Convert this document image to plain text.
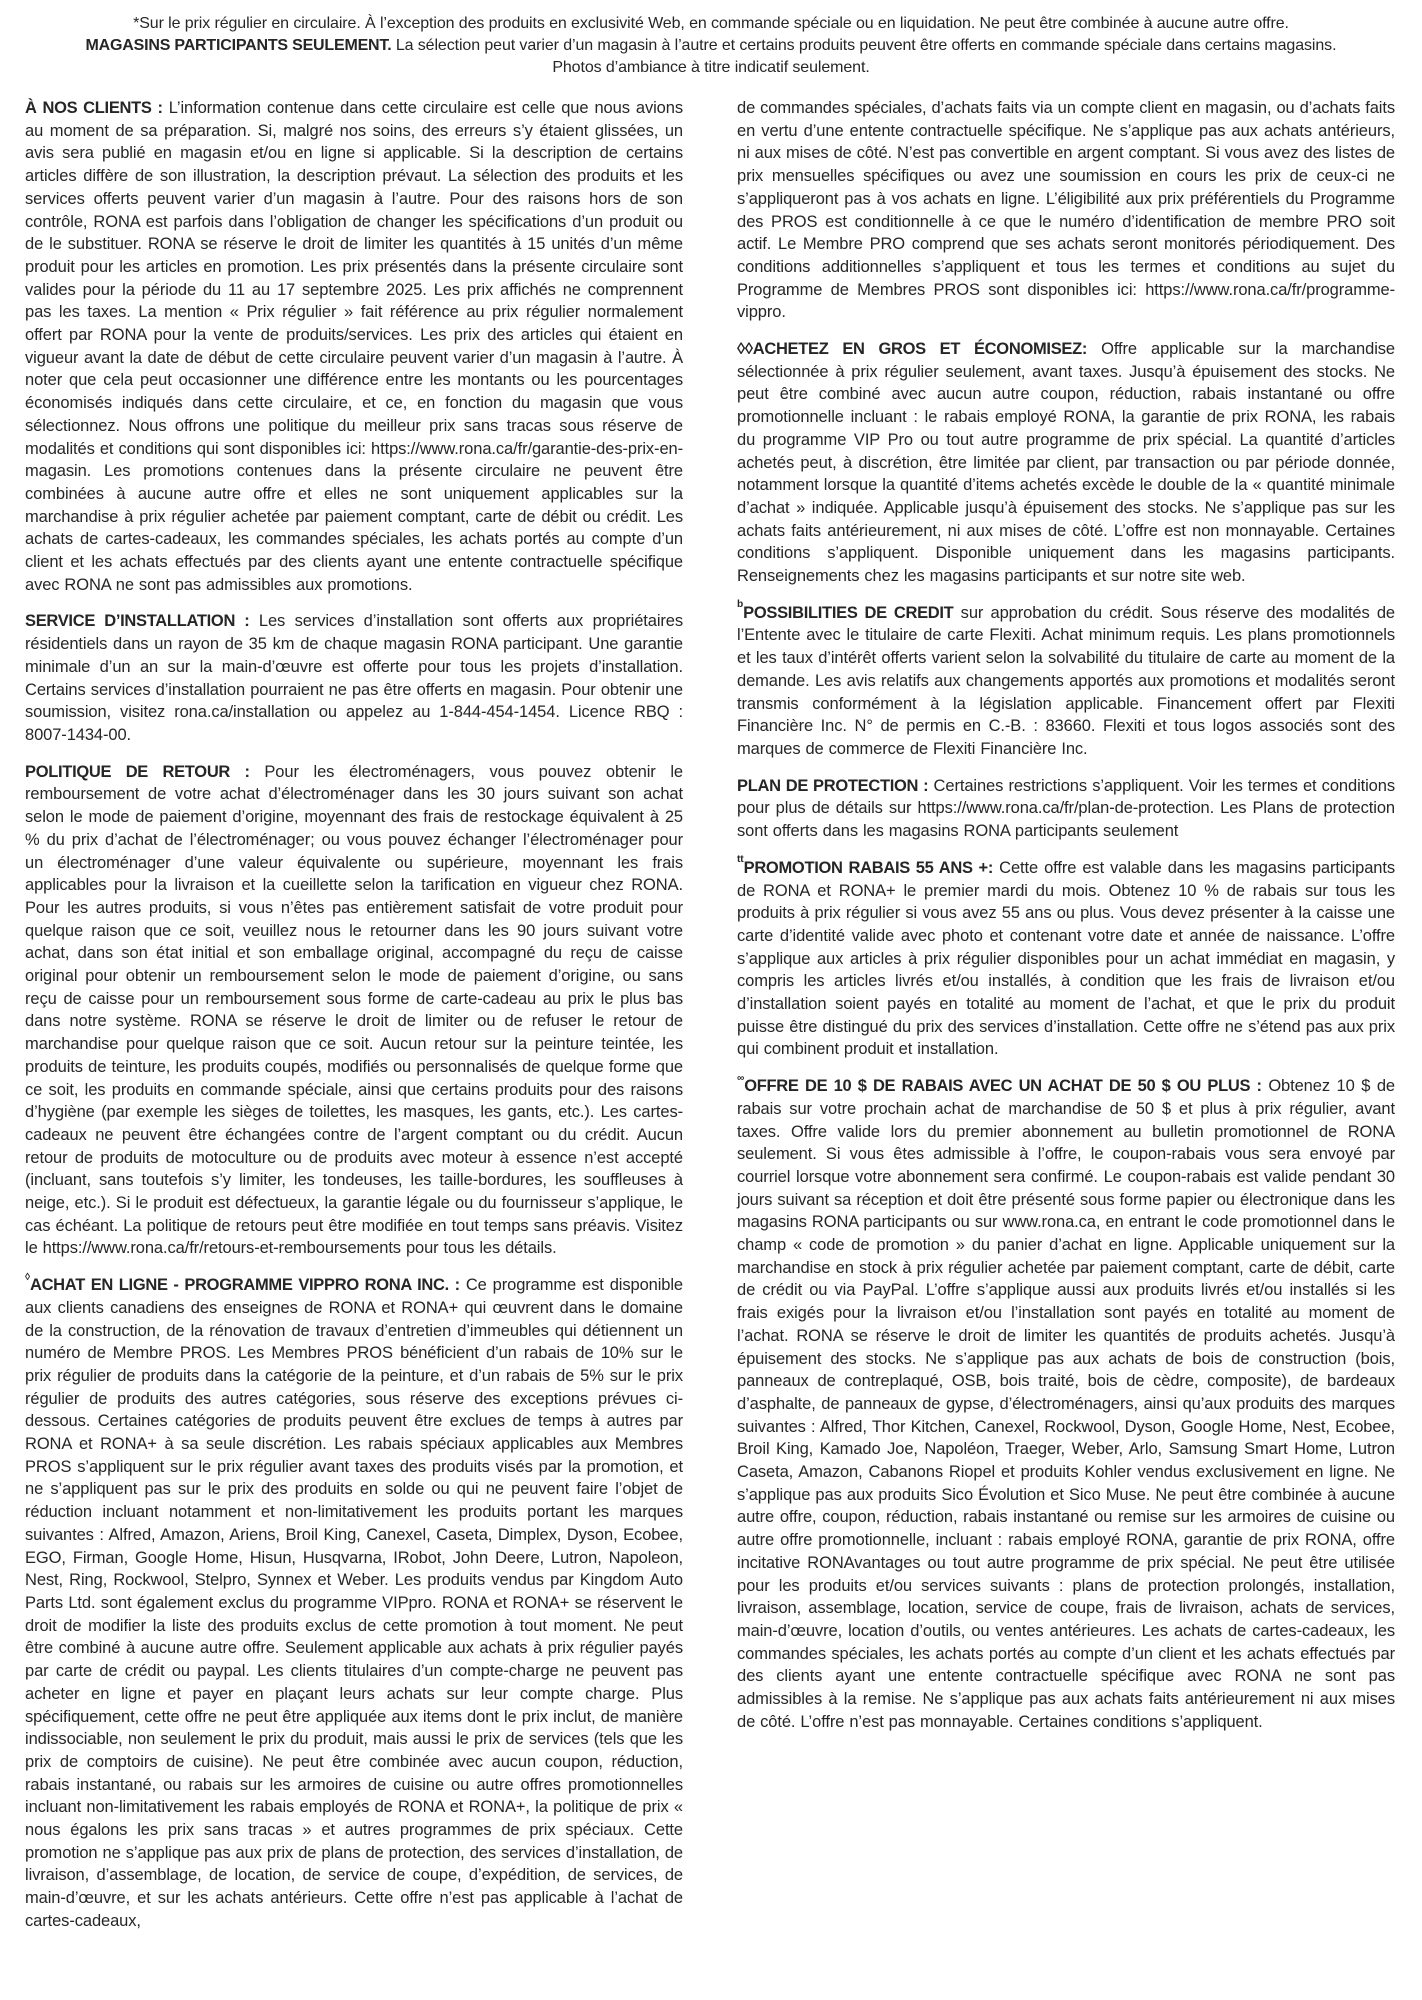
*Sur le prix régulier en circulaire. À l’exception des produits en exclusivité Web, en commande spéciale ou en liquidation. Ne peut être combinée à aucune autre offre.
MAGASINS PARTICIPANTS SEULEMENT. La sélection peut varier d’un magasin à l’autre et certains produits peuvent être offerts en commande spéciale dans certains magasins.
Photos d’ambiance à titre indicatif seulement.

À NOS CLIENTS : L’information contenue dans cette circulaire est celle que nous avions au moment de sa préparation. Si, malgré nos soins, des erreurs s’y étaient glissées, un avis sera publié en magasin et/ou en ligne si applicable. Si la description de certains articles diffère de son illustration, la description prévaut. La sélection des produits et les services offerts peuvent varier d’un magasin à l’autre. Pour des raisons hors de son contrôle, RONA est parfois dans l’obligation de changer les spécifications d’un produit ou de le substituer. RONA se réserve le droit de limiter les quantités à 15 unités d’un même produit pour les articles en promotion. Les prix présentés dans la présente circulaire sont valides pour la période du 11 au 17 septembre 2025. Les prix affichés ne comprennent pas les taxes. La mention « Prix régulier » fait référence au prix régulier normalement offert par RONA pour la vente de produits/services. Les prix des articles qui étaient en vigueur avant la date de début de cette circulaire peuvent varier d’un magasin à l’autre. À noter que cela peut occasionner une différence entre les montants ou les pourcentages économisés indiqués dans cette circulaire, et ce, en fonction du magasin que vous sélectionnez. Nous offrons une politique du meilleur prix sans tracas sous réserve de modalités et conditions qui sont disponibles ici: https://www.rona.ca/fr/garantie-des-prix-en-magasin. Les promotions contenues dans la présente circulaire ne peuvent être combinées à aucune autre offre et elles ne sont uniquement applicables sur la marchandise à prix régulier achetée par paiement comptant, carte de débit ou crédit. Les achats de cartes-cadeaux, les commandes spéciales, les achats portés au compte d’un client et les achats effectués par des clients ayant une entente contractuelle spécifique avec RONA ne sont pas admissibles aux promotions.

SERVICE D’INSTALLATION : Les services d’installation sont offerts aux propriétaires résidentiels dans un rayon de 35 km de chaque magasin RONA participant. Une garantie minimale d’un an sur la main-d’œuvre est offerte pour tous les projets d’installation. Certains services d’installation pourraient ne pas être offerts en magasin. Pour obtenir une soumission, visitez rona.ca/installation ou appelez au 1-844-454-1454. Licence RBQ : 8007-1434-00.

POLITIQUE DE RETOUR : Pour les électroménagers, vous pouvez obtenir le remboursement de votre achat d’électroménager dans les 30 jours suivant son achat selon le mode de paiement d’origine, moyennant des frais de restockage équivalent à 25 % du prix d’achat de l’électroménager; ou vous pouvez échanger l’électroménager pour un électroménager d’une valeur équivalente ou supérieure, moyennant les frais applicables pour la livraison et la cueillette selon la tarification en vigueur chez RONA. Pour les autres produits, si vous n’êtes pas entièrement satisfait de votre produit pour quelque raison que ce soit, veuillez nous le retourner dans les 90 jours suivant votre achat, dans son état initial et son emballage original, accompagné du reçu de caisse original pour obtenir un remboursement selon le mode de paiement d’origine, ou sans reçu de caisse pour un remboursement sous forme de carte-cadeau au prix le plus bas dans notre système. RONA se réserve le droit de limiter ou de refuser le retour de marchandise pour quelque raison que ce soit. Aucun retour sur la peinture teintée, les produits de teinture, les produits coupés, modifiés ou personnalisés de quelque forme que ce soit, les produits en commande spéciale, ainsi que certains produits pour des raisons d’hygiène (par exemple les sièges de toilettes, les masques, les gants, etc.). Les cartes-cadeaux ne peuvent être échangées contre de l’argent comptant ou du crédit. Aucun retour de produits de motoculture ou de produits avec moteur à essence n’est accepté (incluant, sans toutefois s’y limiter, les tondeuses, les taille-bordures, les souffleuses à neige, etc.). Si le produit est défectueux, la garantie légale ou du fournisseur s’applique, le cas échéant. La politique de retours peut être modifiée en tout temps sans préavis. Visitez le https://www.rona.ca/fr/retours-et-remboursements pour tous les détails.

◊ACHAT EN LIGNE - PROGRAMME VIPPRO RONA INC. : Ce programme est disponible aux clients canadiens des enseignes de RONA et RONA+ qui œuvrent dans le domaine de la construction, de la rénovation de travaux d’entretien d’immeubles qui détiennent un numéro de Membre PROS. Les Membres PROS bénéficient d’un rabais de 10% sur le prix régulier de produits dans la catégorie de la peinture, et d’un rabais de 5% sur le prix régulier de produits des autres catégories, sous réserve des exceptions prévues ci-dessous. Certaines catégories de produits peuvent être exclues de temps à autres par RONA et RONA+ à sa seule discrétion. Les rabais spéciaux applicables aux Membres PROS s’appliquent sur le prix régulier avant taxes des produits visés par la promotion, et ne s’appliquent pas sur le prix des produits en solde ou qui ne peuvent faire l’objet de réduction incluant notamment et non-limitativement les produits portant les marques suivantes : Alfred, Amazon, Ariens, Broil King, Canexel, Caseta, Dimplex, Dyson, Ecobee, EGO, Firman, Google Home, Hisun, Husqvarna, IRobot, John Deere, Lutron, Napoleon, Nest, Ring, Rockwool, Stelpro, Synnex et Weber. Les produits vendus par Kingdom Auto Parts Ltd. sont également exclus du programme VIPpro. RONA et RONA+ se réservent le droit de modifier la liste des produits exclus de cette promotion à tout moment. Ne peut être combiné à aucune autre offre. Seulement applicable aux achats à prix régulier payés par carte de crédit ou paypal. Les clients titulaires d’un compte-charge ne peuvent pas acheter en ligne et payer en plaçant leurs achats sur leur compte charge. Plus spécifiquement, cette offre ne peut être appliquée aux items dont le prix inclut, de manière indissociable, non seulement le prix du produit, mais aussi le prix de services (tels que les prix de comptoirs de cuisine). Ne peut être combinée avec aucun coupon, réduction, rabais instantané, ou rabais sur les armoires de cuisine ou autre offres promotionnelles incluant non-limitativement les rabais employés de RONA et RONA+, la politique de prix « nous égalons les prix sans tracas » et autres programmes de prix spéciaux. Cette promotion ne s’applique pas aux prix de plans de protection, des services d’installation, de livraison, d’assemblage, de location, de service de coupe, d’expédition, de services, de main-d’œuvre, et sur les achats antérieurs. Cette offre n’est pas applicable à l’achat de cartes-cadeaux,

de commandes spéciales, d’achats faits via un compte client en magasin, ou d’achats faits en vertu d’une entente contractuelle spécifique. Ne s’applique pas aux achats antérieurs, ni aux mises de côté. N’est pas convertible en argent comptant. Si vous avez des listes de prix mensuelles spécifiques ou avez une soumission en cours les prix de ceux-ci ne s’appliqueront pas à vos achats en ligne. L’éligibilité aux prix préférentiels du Programme des PROS est conditionnelle à ce que le numéro d’identification de membre PRO soit actif. Le Membre PRO comprend que ses achats seront monitorés périodiquement. Des conditions additionnelles s’appliquent et tous les termes et conditions au sujet du Programme de Membres PROS sont disponibles ici: https://www.rona.ca/fr/programme-vippro.

◊◊ACHETEZ EN GROS ET ÉCONOMISEZ: Offre applicable sur la marchandise sélectionnée à prix régulier seulement, avant taxes. Jusqu’à épuisement des stocks. Ne peut être combiné avec aucun autre coupon, réduction, rabais instantané ou offre promotionnelle incluant : le rabais employé RONA, la garantie de prix RONA, les rabais du programme VIP Pro ou tout autre programme de prix spécial. La quantité d’articles achetés peut, à discrétion, être limitée par client, par transaction ou par période donnée, notamment lorsque la quantité d’items achetés excède le double de la « quantité minimale d’achat » indiquée. Applicable jusqu’à épuisement des stocks. Ne s’applique pas sur les achats faits antérieurement, ni aux mises de côté. L’offre est non monnayable. Certaines conditions s’appliquent. Disponible uniquement dans les magasins participants. Renseignements chez les magasins participants et sur notre site web.

$^b$POSSIBILITIES DE CREDIT sur approbation du crédit. Sous réserve des modalités de l’Entente avec le titulaire de carte Flexiti. Achat minimum requis. Les plans promotionnels et les taux d’intérêt offerts varient selon la solvabilité du titulaire de carte au moment de la demande. Les avis relatifs aux changements apportés aux promotions et modalités seront transmis conformément à la législation applicable. Financement offert par Flexiti Financière Inc. N° de permis en C.-B. : 83660. Flexiti et tous logos associés sont des marques de commerce de Flexiti Financière Inc.

PLAN DE PROTECTION : Certaines restrictions s’appliquent. Voir les termes et conditions pour plus de détails sur https://www.rona.ca/fr/plan-de-protection. Les Plans de protection sont offerts dans les magasins RONA participants seulement

$^{tt}$PROMOTION RABAIS 55 ANS +: Cette offre est valable dans les magasins participants de RONA et RONA+ le premier mardi du mois. Obtenez 10 % de rabais sur tous les produits à prix régulier si vous avez 55 ans ou plus. Vous devez présenter à la caisse une carte d’identité valide avec photo et contenant votre date et année de naissance. L’offre s’applique aux articles à prix régulier disponibles pour un achat immédiat en magasin, y compris les articles livrés et/ou installés, à condition que les frais de livraison et/ou d’installation soient payés en totalité au moment de l’achat, et que le prix du produit puisse être distingué du prix des services d’installation. Cette offre ne s’étend pas aux prix qui combinent produit et installation.

∞OFFRE DE 10 $ DE RABAIS AVEC UN ACHAT DE 50 $ OU PLUS : Obtenez 10 $ de rabais sur votre prochain achat de marchandise de 50 $ et plus à prix régulier, avant taxes. Offre valide lors du premier abonnement au bulletin promotionnel de RONA seulement. Si vous êtes admissible à l’offre, le coupon-rabais vous sera envoyé par courriel lorsque votre abonnement sera confirmé. Le coupon-rabais est valide pendant 30 jours suivant sa réception et doit être présenté sous forme papier ou électronique dans les magasins RONA participants ou sur www.rona.ca, en entrant le code promotionnel dans le champ « code de promotion » du panier d’achat en ligne. Applicable uniquement sur la marchandise en stock à prix régulier achetée par paiement comptant, carte de débit, carte de crédit ou via PayPal. L’offre s’applique aussi aux produits livrés et/ou installés si les frais exigés pour la livraison et/ou l’installation sont payés en totalité au moment de l’achat. RONA se réserve le droit de limiter les quantités de produits achetés. Jusqu’à épuisement des stocks. Ne s’applique pas aux achats de bois de construction (bois, panneaux de contreplaqué, OSB, bois traité, bois de cèdre, composite), de bardeaux d’asphalte, de panneaux de gypse, d’électroménagers, ainsi qu’aux produits des marques suivantes : Alfred, Thor Kitchen, Canexel, Rockwool, Dyson, Google Home, Nest, Ecobee, Broil King, Kamado Joe, Napoléon, Traeger, Weber, Arlo, Samsung Smart Home, Lutron Caseta, Amazon, Cabanons Riopel et produits Kohler vendus exclusivement en ligne. Ne s’applique pas aux produits Sico Évolution et Sico Muse. Ne peut être combinée à aucune autre offre, coupon, réduction, rabais instantané ou remise sur les armoires de cuisine ou autre offre promotionnelle, incluant : rabais employé RONA, garantie de prix RONA, offre incitative RONAvantages ou tout autre programme de prix spécial. Ne peut être utilisée pour les produits et/ou services suivants : plans de protection prolongés, installation, livraison, assemblage, location, service de coupe, frais de livraison, achats de services, main-d’œuvre, location d’outils, ou ventes antérieures. Les achats de cartes-cadeaux, les commandes spéciales, les achats portés au compte d’un client et les achats effectués par des clients ayant une entente contractuelle spécifique avec RONA ne sont pas admissibles à la remise. Ne s’applique pas aux achats faits antérieurement ni aux mises de côté. L’offre n’est pas monnayable. Certaines conditions s’appliquent.
